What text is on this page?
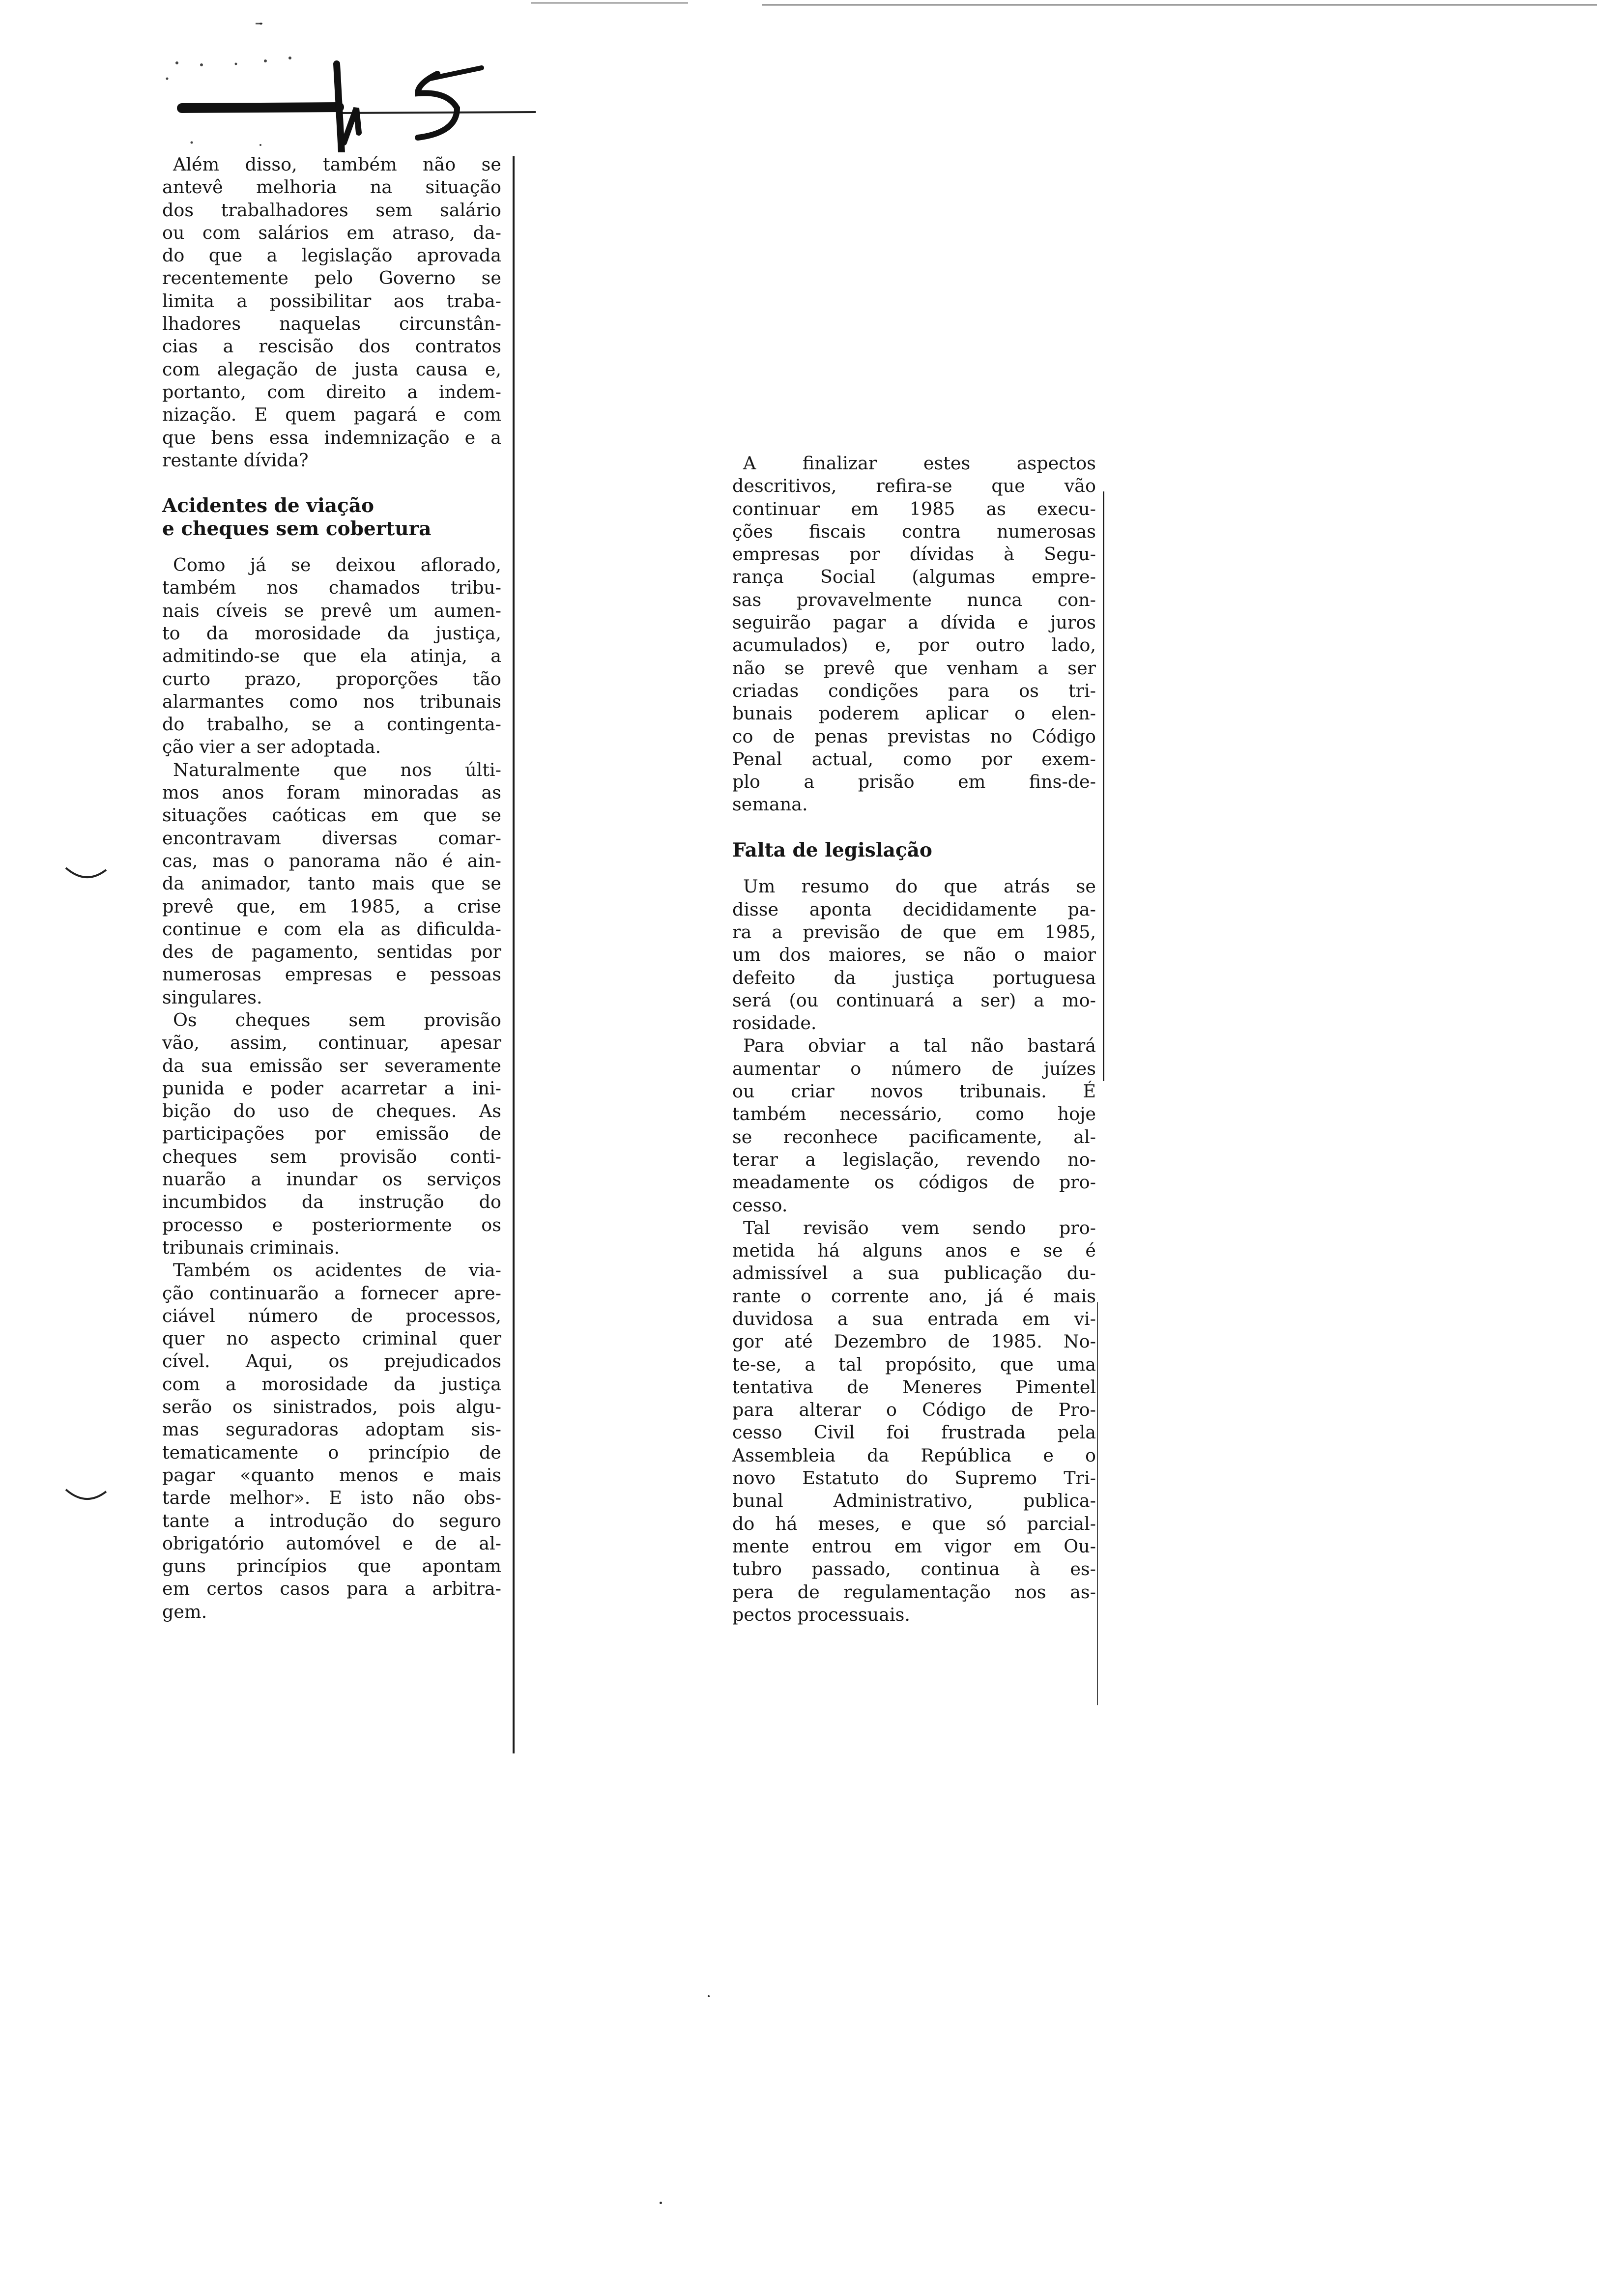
Além disso, também não se
antevê melhoria na situação
dos trabalhadores sem salário
ou com salários em atraso, da-
do que a legislação aprovada
recentemente pelo Governo se
limita a possibilitar aos traba-
lhadores naquelas circunstân-
cias a rescisão dos contratos
com alegação de justa causa e,
portanto, com direito a indem-
nização. E quem pagará e com
que bens essa indemnização e a
restante dívida?
Acidentes de viação
e cheques sem cobertura
Como já se deixou aflorado,
também nos chamados tribu-
nais cíveis se prevê um aumen-
to da morosidade da justiça,
admitindo-se que ela atinja, a
curto prazo, proporções tão
alarmantes como nos tribunais
do trabalho, se a contingenta-
ção vier a ser adoptada.
Naturalmente que nos últi-
mos anos foram minoradas as
situações caóticas em que se
encontravam diversas comar-
cas, mas o panorama não é ain-
da animador, tanto mais que se
prevê que, em 1985, a crise
continue e com ela as dificulda-
des de pagamento, sentidas por
numerosas empresas e pessoas
singulares.
Os cheques sem provisão
vão, assim, continuar, apesar
da sua emissão ser severamente
punida e poder acarretar a ini-
bição do uso de cheques. As
participações por emissão de
cheques sem provisão conti-
nuarão a inundar os serviços
incumbidos da instrução do
processo e posteriormente os
tribunais criminais.
Também os acidentes de via-
ção continuarão a fornecer apre-
ciável número de processos,
quer no aspecto criminal quer
cível. Aqui, os prejudicados
com a morosidade da justiça
serão os sinistrados, pois algu-
mas seguradoras adoptam sis-
tematicamente o princípio de
pagar «quanto menos e mais
tarde melhor». E isto não obs-
tante a introdução do seguro
obrigatório automóvel e de al-
guns princípios que apontam
em certos casos para a arbitra-
gem.
A finalizar estes aspectos
descritivos, refira-se que vão
continuar em 1985 as execu-
ções fiscais contra numerosas
empresas por dívidas à Segu-
rança Social (algumas empre-
sas provavelmente nunca con-
seguirão pagar a dívida e juros
acumulados) e, por outro lado,
não se prevê que venham a ser
criadas condições para os tri-
bunais poderem aplicar o elen-
co de penas previstas no Código
Penal actual, como por exem-
plo a prisão em fins-de-
semana.
Falta de legislação
Um resumo do que atrás se
disse aponta decididamente pa-
ra a previsão de que em 1985,
um dos maiores, se não o maior
defeito da justiça portuguesa
será (ou continuará a ser) a mo-
rosidade.
Para obviar a tal não bastará
aumentar o número de juízes
ou criar novos tribunais. É
também necessário, como hoje
se reconhece pacificamente, al-
terar a legislação, revendo no-
meadamente os códigos de pro-
cesso.
Tal revisão vem sendo pro-
metida há alguns anos e se é
admissível a sua publicação du-
rante o corrente ano, já é mais
duvidosa a sua entrada em vi-
gor até Dezembro de 1985. No-
te-se, a tal propósito, que uma
tentativa de Meneres Pimentel
para alterar o Código de Pro-
cesso Civil foi frustrada pela
Assembleia da República e o
novo Estatuto do Supremo Tri-
bunal Administrativo, publica-
do há meses, e que só parcial-
mente entrou em vigor em Ou-
tubro passado, continua à es-
pera de regulamentação nos as-
pectos processuais.
